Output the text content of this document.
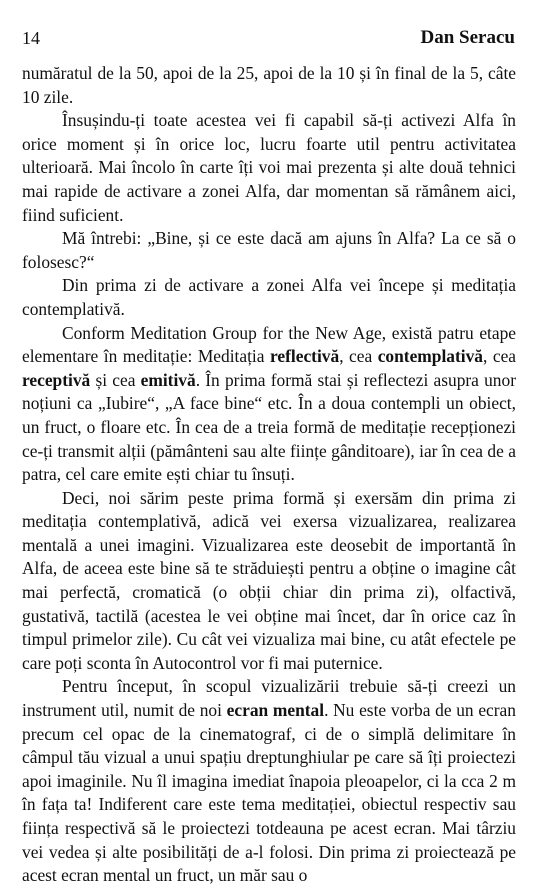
14	Dan Seracu

număratul de la 50, apoi de la 25, apoi de la 10 și în final de la 5, câte 10 zile.

Însușindu-ți toate acestea vei fi capabil să-ți activezi Alfa în orice moment și în orice loc, lucru foarte util pentru activitatea ulterioară. Mai încolo în carte îți voi mai prezenta și alte două tehnici mai rapide de activare a zonei Alfa, dar momentan să rămânem aici, fiind suficient.

Mă întrebi: „Bine, și ce este dacă am ajuns în Alfa? La ce să o folosesc?“

Din prima zi de activare a zonei Alfa vei începe și meditația contemplativă.

Conform Meditation Group for the New Age, există patru etape elementare în meditație: Meditația reflectivă, cea contemplativă, cea receptivă și cea emitivă. În prima formă stai și reflectezi asupra unor noțiuni ca „Iubire“, „A face bine“ etc. În a doua contempli un obiect, un fruct, o floare etc. În cea de a treia formă de meditație recepționezi ce-ți transmit alții (pământeni sau alte ființe gânditoare), iar în cea de a patra, cel care emite ești chiar tu însuți.

Deci, noi sărim peste prima formă și exersăm din prima zi meditația contemplativă, adică vei exersa vizualizarea, realizarea mentală a unei imagini. Vizualizarea este deosebit de importantă în Alfa, de aceea este bine să te străduiești pentru a obține o imagine cât mai perfectă, cromatică (o obții chiar din prima zi), olfactivă, gustativă, tactilă (acestea le vei obține mai încet, dar în orice caz în timpul primelor zile). Cu cât vei vizualiza mai bine, cu atât efectele pe care poți sconta în Autocontrol vor fi mai puternice.

Pentru început, în scopul vizualizării trebuie să-ți creezi un instrument util, numit de noi ecran mental. Nu este vorba de un ecran precum cel opac de la cinematograf, ci de o simplă delimitare în câmpul tău vizual a unui spațiu dreptunghiular pe care să îți proiectezi apoi imaginile. Nu îl imagina imediat înapoia pleoapelor, ci la cca 2 m în fața ta! Indiferent care este tema meditației, obiectul respectiv sau ființa respectivă să le proiectezi totdeauna pe acest ecran. Mai târziu vei vedea și alte posibilități de a-l folosi. Din prima zi proiectează pe acest ecran mental un fruct, un măr sau o
